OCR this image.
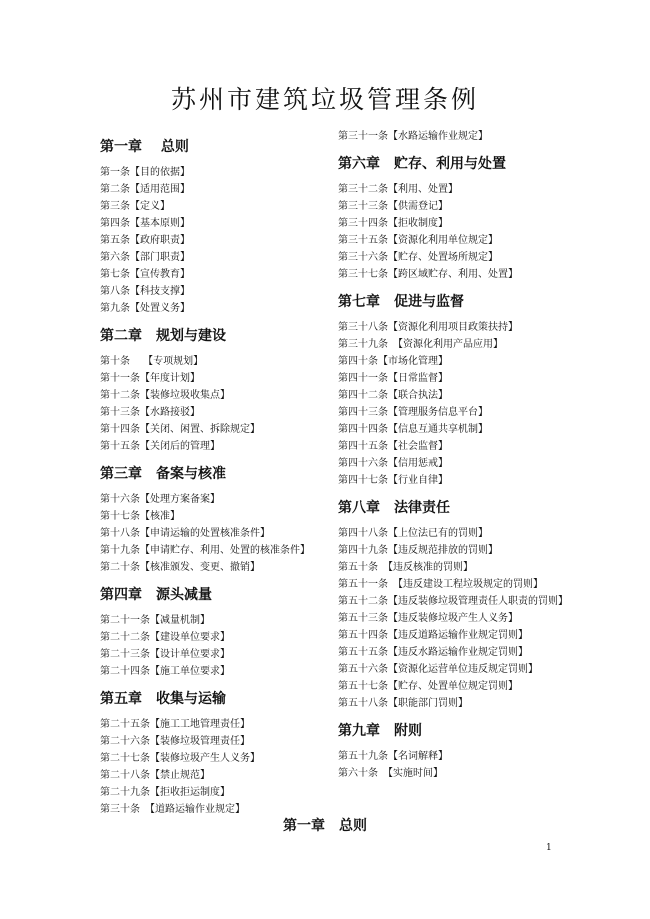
苏州市建筑垃圾管理条例
第一章　 总则
第一条【目的依据】
第二条【适用范围】
第三条【定义】
第四条【基本原则】
第五条【政府职责】
第六条【部门职责】
第七条【宣传教育】
第八条【科技支撑】
第九条【处置义务】
第二章　规划与建设
第十条　 【专项规划】
第十一条【年度计划】
第十二条【装修垃圾收集点】
第十三条【水路接驳】
第十四条【关闭、闲置、拆除规定】
第十五条【关闭后的管理】
第三章　备案与核准
第十六条【处理方案备案】
第十七条【核准】
第十八条【申请运输的处置核准条件】
第十九条【申请贮存、利用、处置的核准条件】
第二十条【核准颁发、变更、撤销】
第四章　源头减量
第二十一条【减量机制】
第二十二条【建设单位要求】
第二十三条【设计单位要求】
第二十四条【施工单位要求】
第五章　收集与运输
第二十五条【施工工地管理责任】
第二十六条【装修垃圾管理责任】
第二十七条【装修垃圾产生人义务】
第二十八条【禁止规范】
第二十九条【拒收拒运制度】
第三十条　【道路运输作业规定】
第三十一条【水路运输作业规定】
第六章　贮存、利用与处置
第三十二条【利用、处置】
第三十三条【供需登记】
第三十四条【拒收制度】
第三十五条【资源化利用单位规定】
第三十六条【贮存、处置场所规定】
第三十七条【跨区域贮存、利用、处置】
第七章　促进与监督
第三十八条【资源化利用项目政策扶持】
第三十九条　【资源化利用产品应用】
第四十条【市场化管理】
第四十一条【日常监督】
第四十二条【联合执法】
第四十三条【管理服务信息平台】
第四十四条【信息互通共享机制】
第四十五条【社会监督】
第四十六条【信用惩戒】
第四十七条【行业自律】
第八章　法律责任
第四十八条【上位法已有的罚则】
第四十九条【违反规范排放的罚则】
第五十条　【违反核准的罚则】
第五十一条　【违反建设工程垃圾规定的罚则】
第五十二条【违反装修垃圾管理责任人职责的罚则】
第五十三条【违反装修垃圾产生人义务】
第五十四条【违反道路运输作业规定罚则】
第五十五条【违反水路运输作业规定罚则】
第五十六条【资源化运营单位违反规定罚则】
第五十七条【贮存、处置单位规定罚则】
第五十八条【职能部门罚则】
第九章　附则
第五十九条【名词解释】
第六十条　【实施时间】
第一章　总则
1
